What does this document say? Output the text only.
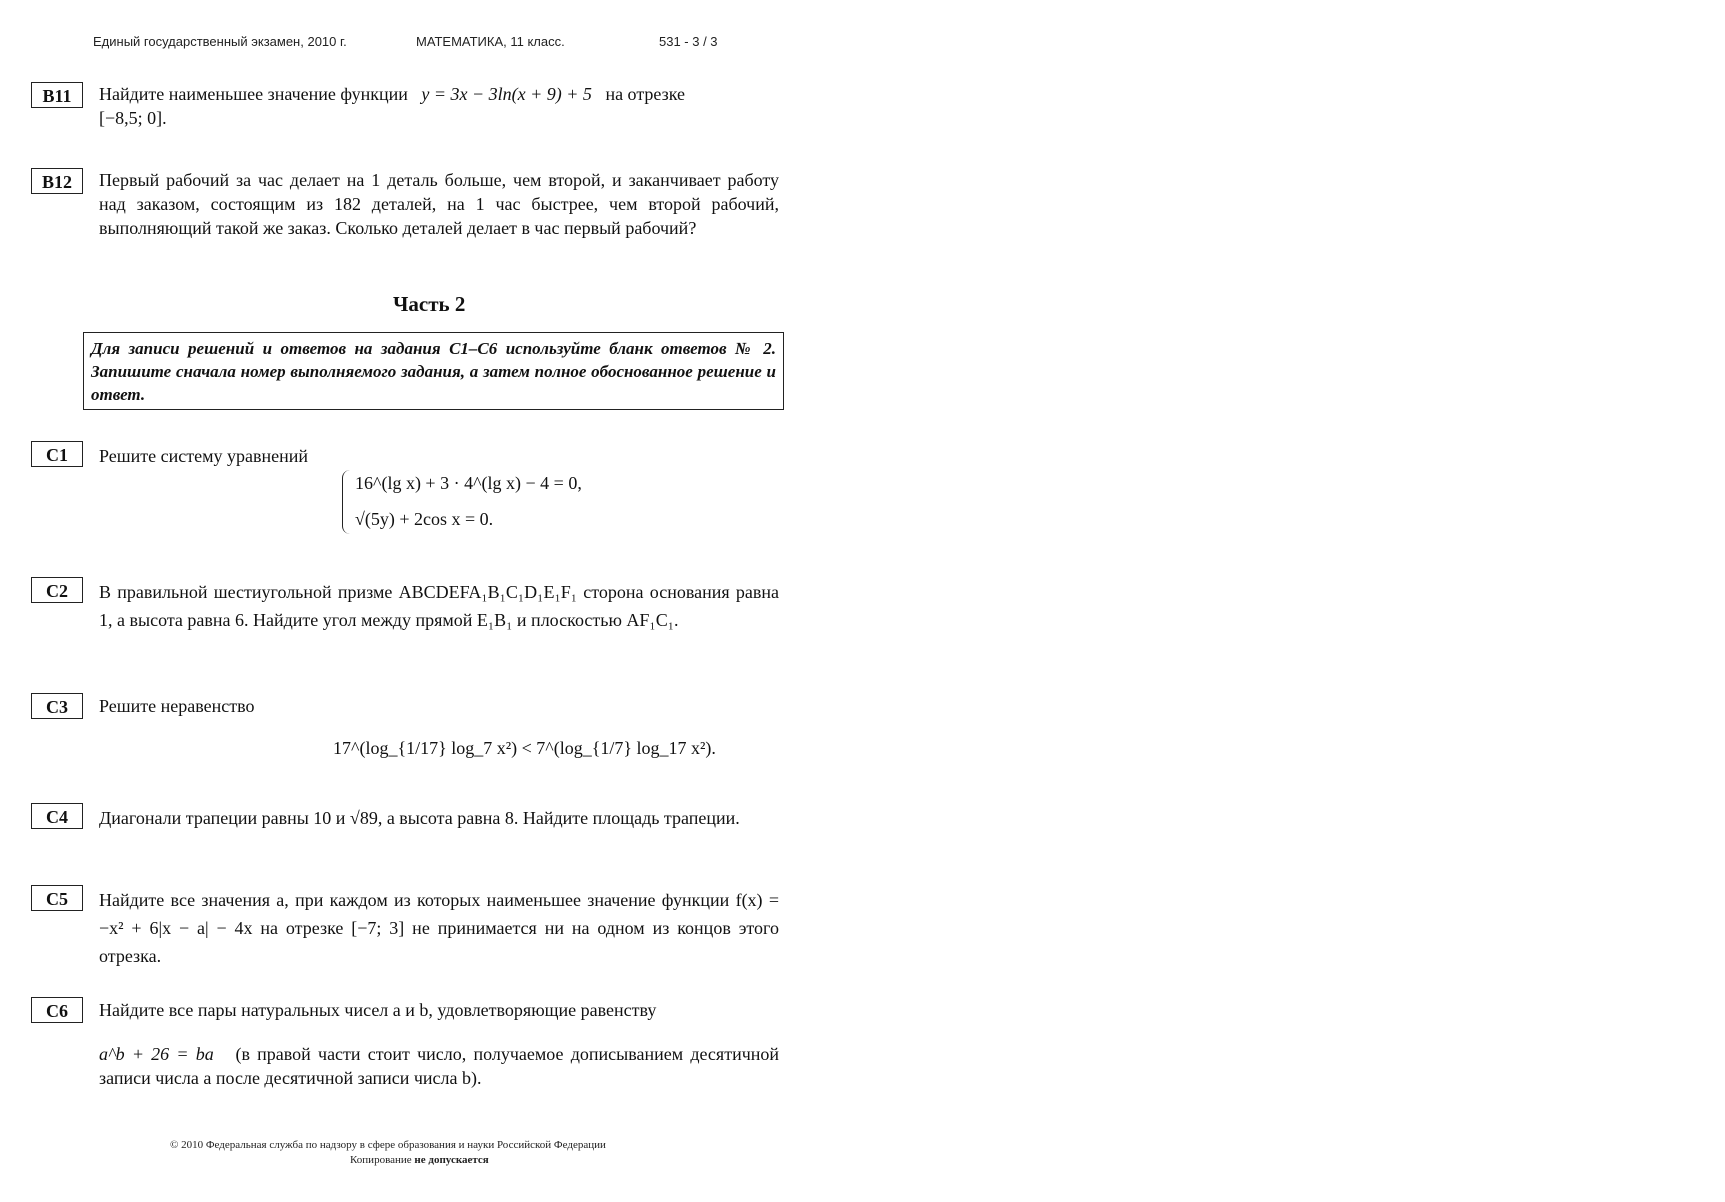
Единый государственный экзамен, 2010 г.	МАТЕМАТИКА, 11 класс.	531 - 3 / 3
B11	Найдите наименьшее значение функции y = 3x − 3ln(x + 9) + 5 на отрезке
[−8,5; 0].
B12	Первый рабочий за час делает на 1 деталь больше, чем второй, и заканчивает работу над заказом, состоящим из 182 деталей, на 1 час быстрее, чем второй рабочий, выполняющий такой же заказ. Сколько деталей делает в час первый рабочий?
Часть 2
Для записи решений и ответов на задания С1–С6 используйте бланк ответов № 2. Запишите сначала номер выполняемого задания, а затем полное обоснованное решение и ответ.
C1	Решите систему уравнений
16^(lg x) + 3 · 4^(lg x) − 4 = 0,
√(5y) + 2cos x = 0.
C2	В правильной шестиугольной призме ABCDEFA₁B₁C₁D₁E₁F₁ сторона основания равна 1, а высота равна 6. Найдите угол между прямой E₁B₁ и плоскостью AF₁C₁.
C3	Решите неравенство
17^(log_{1/17} log_7 x²) < 7^(log_{1/7} log_17 x²).
C4	Диагонали трапеции равны 10 и √89, а высота равна 8. Найдите площадь трапеции.
C5	Найдите все значения a, при каждом из которых наименьшее значение функции f(x) = −x² + 6|x − a| − 4x на отрезке [−7; 3] не принимается ни на одном из концов этого отрезка.
C6	Найдите все пары натуральных чисел a и b, удовлетворяющие равенству
a^b + 26 = ba (в правой части стоит число, получаемое дописыванием десятичной записи числа a после десятичной записи числа b).
© 2010 Федеральная служба по надзору в сфере образования и науки Российской Федерации
Копирование не допускается
